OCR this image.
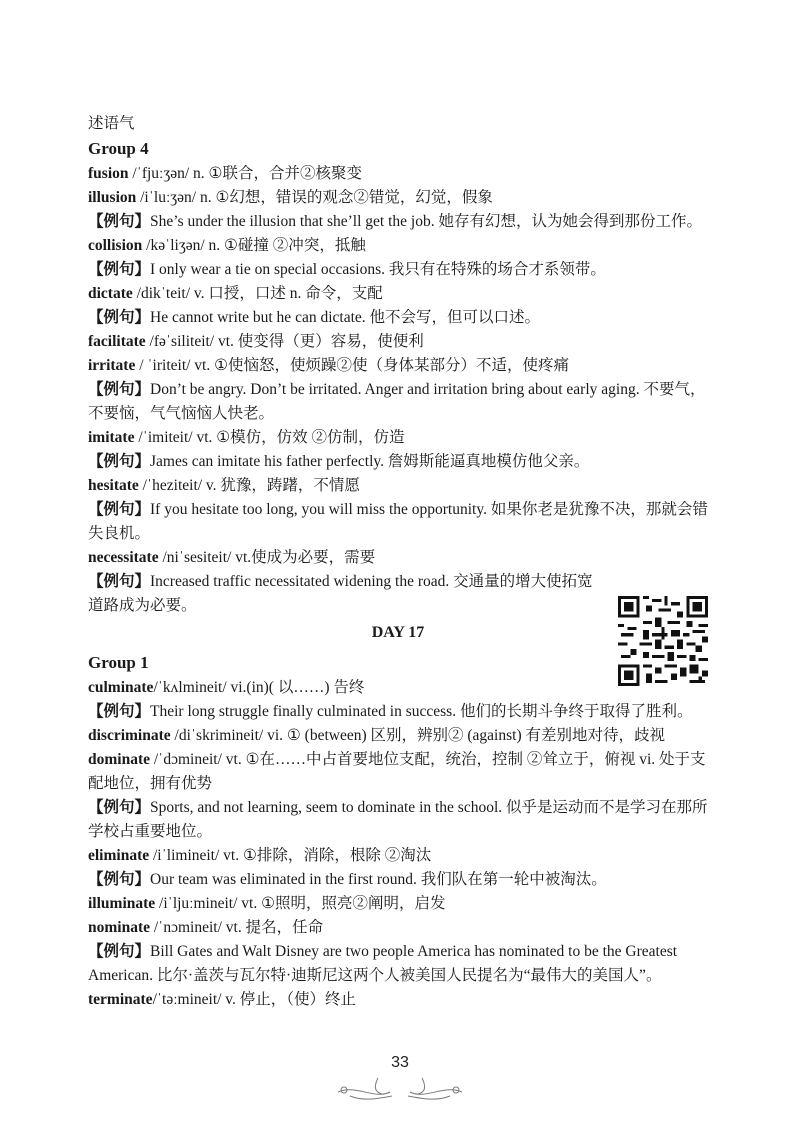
述语气

Group 4

fusion /ˈfjuːʒən/ n. ①联合，合并②核聚变

illusion /iˈluːʒən/ n. ①幻想，错误的观念②错觉，幻觉，假象

【例句】She’s under the illusion that she’ll get the job. 她存有幻想，认为她会得到那份工作。

collision /kəˈliʒən/ n. ①碰撞 ②冲突，抵触

【例句】I only wear a tie on special occasions. 我只有在特殊的场合才系领带。

dictate /dikˈteit/ v. 口授，口述 n. 命令，支配

【例句】He cannot write but he can dictate. 他不会写，但可以口述。

facilitate /fəˈsiliteit/ vt. 使变得（更）容易，使便利

irritate / ˈiriteit/ vt. ①使恼怒，使烦躁②使（身体某部分）不适，使疼痛

【例句】Don’t be angry. Don’t be irritated. Anger and irritation bring about early aging. 不要气，不要恼，气气恼恼人快老。

imitate /ˈimiteit/ vt. ①模仿，仿效 ②仿制，仿造

【例句】James can imitate his father perfectly. 詹姆斯能逼真地模仿他父亲。

hesitate /ˈheziteit/ v. 犹豫，踌躇，不情愿

【例句】If you hesitate too long, you will miss the opportunity. 如果你老是犹豫不决，那就会错失良机。

necessitate /niˈsesiteit/ vt.使成为必要，需要

【例句】Increased traffic necessitated widening the road. 交通量的增大使拓宽道路成为必要。

DAY 17

Group 1

culminate/ˈkʌlmineit/ vi.(in)( 以……) 告终

【例句】Their long struggle finally culminated in success. 他们的长期斗争终于取得了胜利。

discriminate /diˈskrimineit/ vi. ① (between) 区别，辨别② (against) 有差别地对待，歧视

dominate /ˈdɔmineit/ vt. ①在……中占首要地位支配，统治，控制 ②耸立于，俯视 vi. 处于支配地位，拥有优势

【例句】Sports, and not learning, seem to dominate in the school. 似乎是运动而不是学习在那所学校占重要地位。

eliminate /iˈlimineit/ vt. ①排除，消除，根除 ②淘汰

【例句】Our team was eliminated in the first round. 我们队在第一轮中被淘汰。

illuminate /iˈljuːmineit/ vt. ①照明，照亮②阐明，启发

nominate /ˈnɔmineit/ vt. 提名，任命

【例句】Bill Gates and Walt Disney are two people America has nominated to be the Greatest American. 比尔·盖茨与瓦尔特·迪斯尼这两个人被美国人民提名为“最伟大的美国人”。

terminate/ˈtəːmineit/ v. 停止，（使）终止

33
